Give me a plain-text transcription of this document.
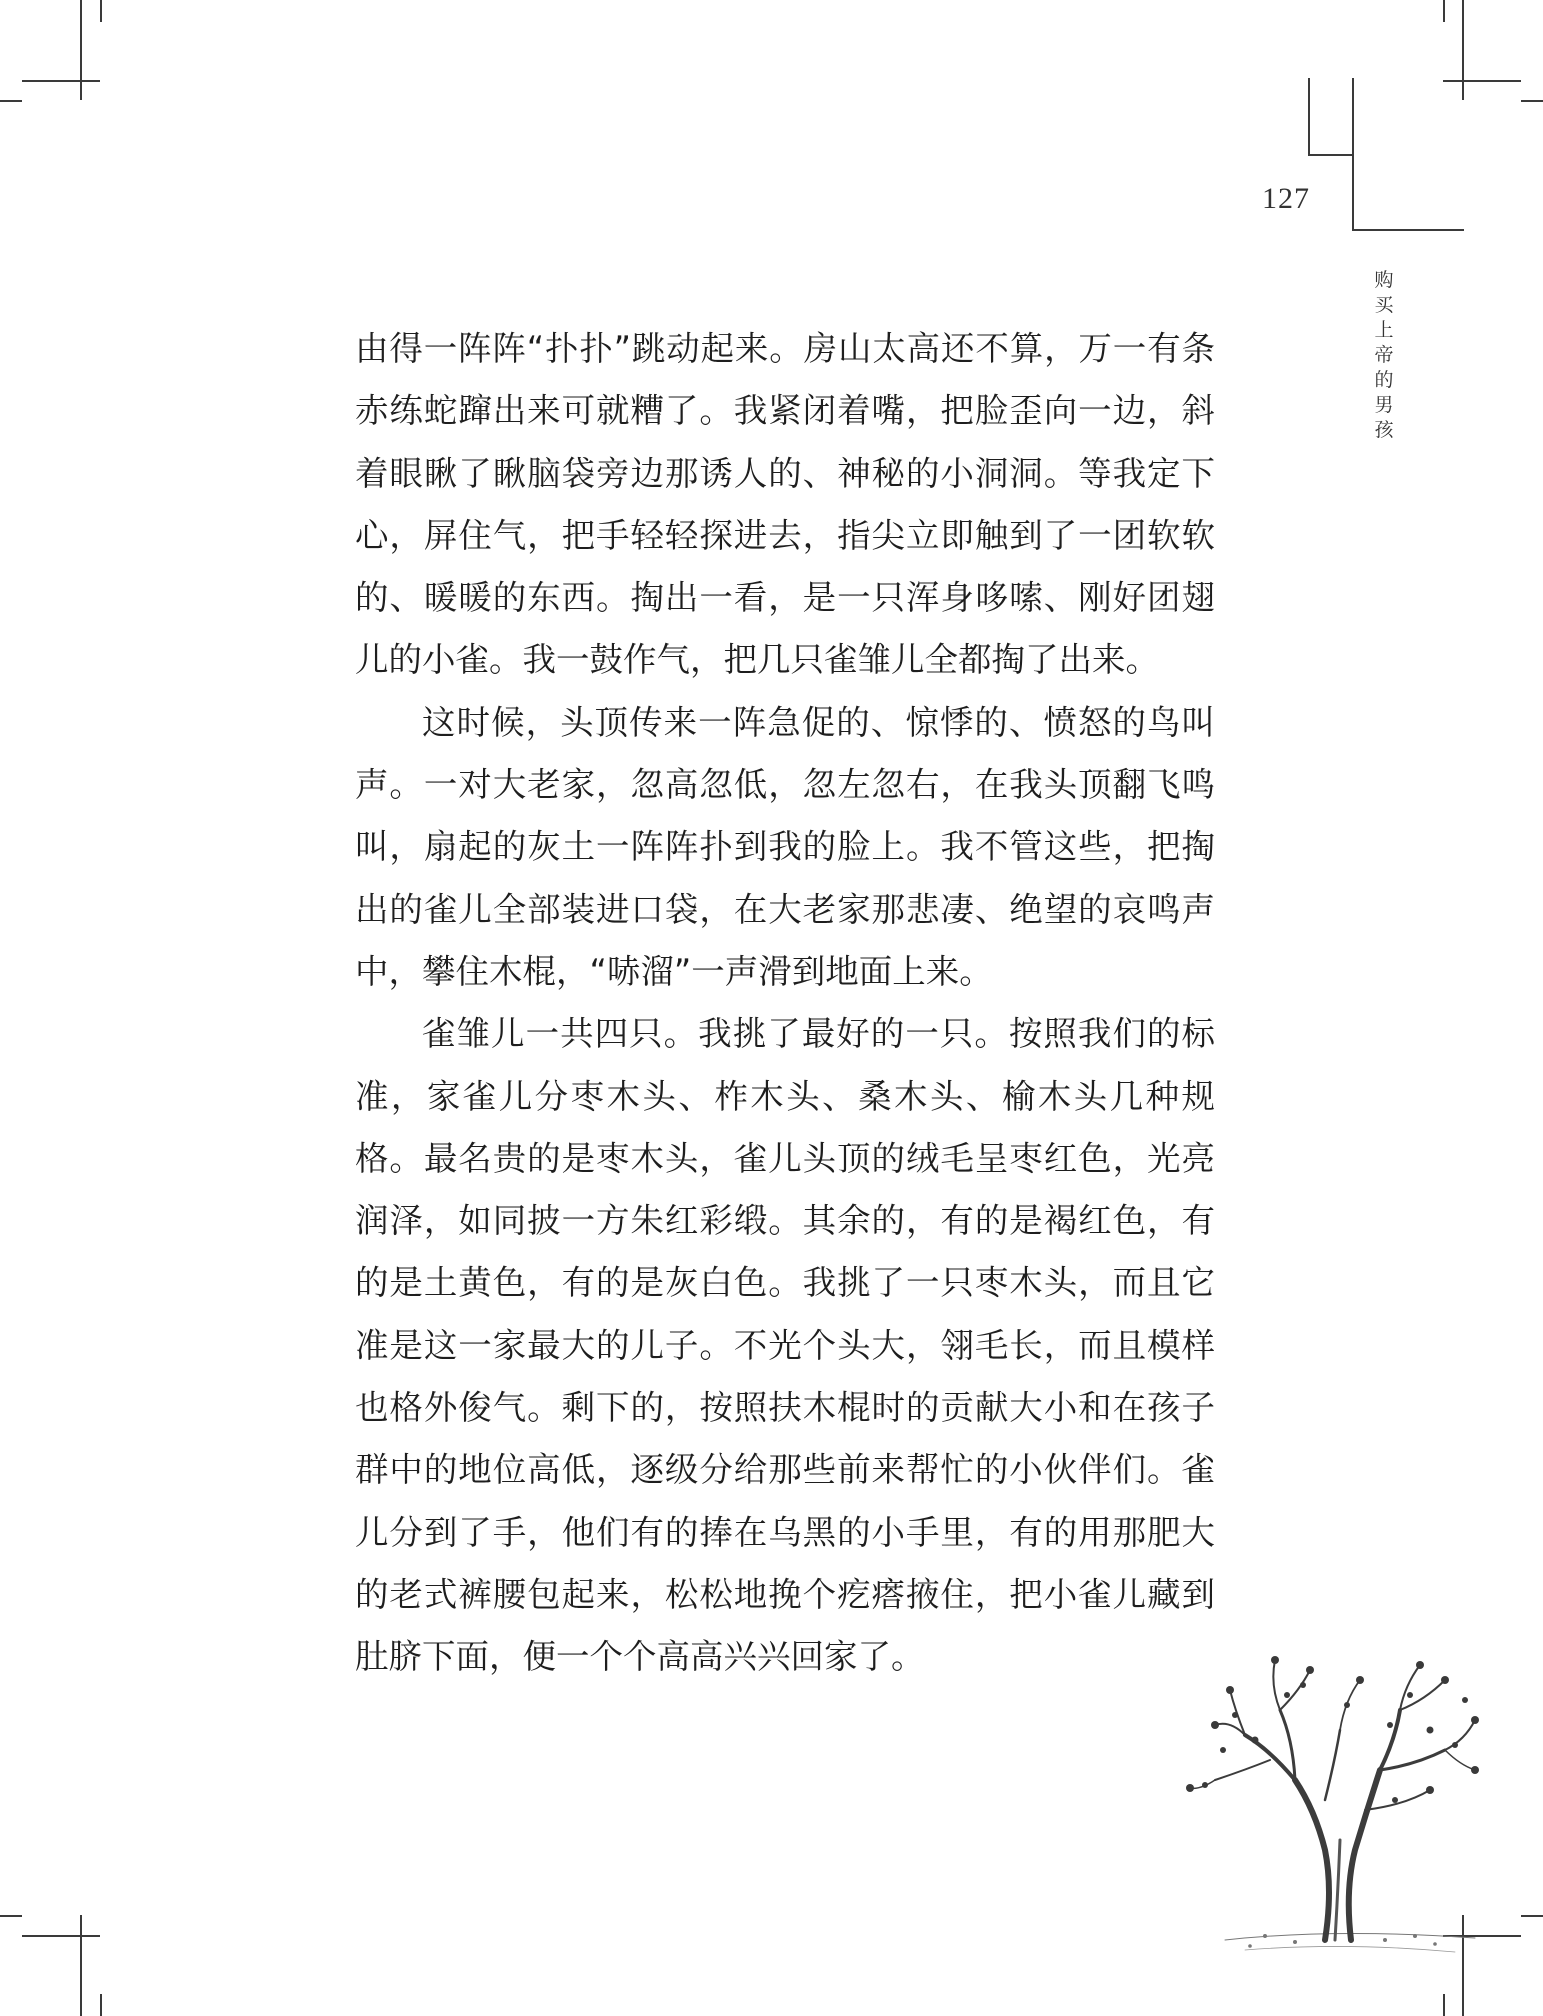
127
购
买
上
帝
的
男
孩

由得一阵阵“扑扑”跳动起来。房山太高还不算，万一有条赤练蛇蹿出来可就糟了。我紧闭着嘴，把脸歪向一边，斜着眼瞅了瞅脑袋旁边那诱人的、神秘的小洞洞。等我定下心，屏住气，把手轻轻探进去，指尖立即触到了一团软软的、暖暖的东西。掏出一看，是一只浑身哆嗦、刚好团翅儿的小雀。我一鼓作气，把几只雀雏儿全都掏了出来。

这时候，头顶传来一阵急促的、惊悸的、愤怒的鸟叫声。一对大老家，忽高忽低，忽左忽右，在我头顶翻飞鸣叫，扇起的灰土一阵阵扑到我的脸上。我不管这些，把掏出的雀儿全部装进口袋，在大老家那悲凄、绝望的哀鸣声中，攀住木棍，“哧溜”一声滑到地面上来。

雀雏儿一共四只。我挑了最好的一只。按照我们的标准，家雀儿分枣木头、柞木头、桑木头、榆木头几种规格。最名贵的是枣木头，雀儿头顶的绒毛呈枣红色，光亮润泽，如同披一方朱红彩缎。其余的，有的是褐红色，有的是土黄色，有的是灰白色。我挑了一只枣木头，而且它准是这一家最大的儿子。不光个头大，翎毛长，而且模样也格外俊气。剩下的，按照扶木棍时的贡献大小和在孩子群中的地位高低，逐级分给那些前来帮忙的小伙伴们。雀儿分到了手，他们有的捧在乌黑的小手里，有的用那肥大的老式裤腰包起来，松松地挽个疙瘩掖住，把小雀儿藏到肚脐下面，便一个个高高兴兴回家了。
